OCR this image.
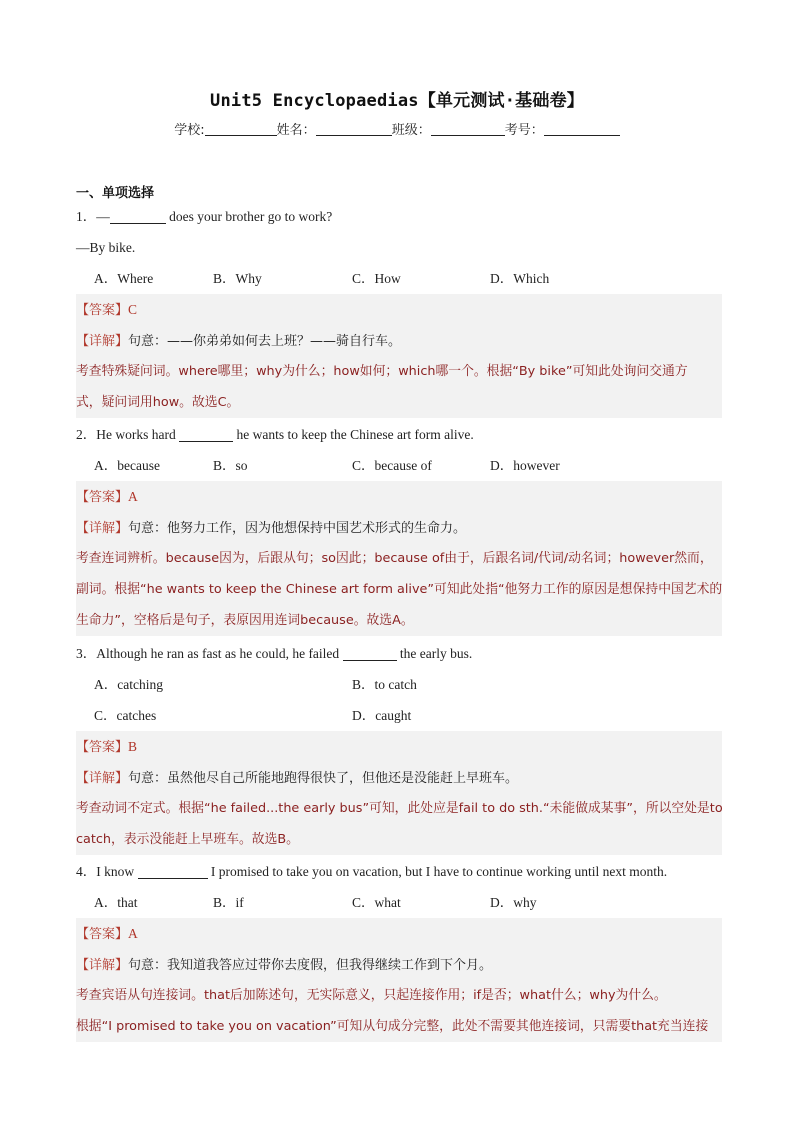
Unit5 Encyclopaedias【单元测试·基础卷】
学校:	姓名：	班级：	考号：
一、单项选择
1．—	does your brother go to work?
—By bike.
A．Where	B．Why	C．How	D．Which
【答案】C
【详解】句意：——你弟弟如何去上班？——骑自行车。
考查特殊疑问词。where哪里；why为什么；how如何；which哪一个。根据“By bike”可知此处询问交通方
式，疑问词用how。故选C。
2．He works hard	he wants to keep the Chinese art form alive.
A．because	B．so	C．because of	D．however
【答案】A
【详解】句意：他努力工作，因为他想保持中国艺术形式的生命力。
考查连词辨析。because因为，后跟从句；so因此；because of由于，后跟名词/代词/动名词；however然而，
副词。根据“he wants to keep the Chinese art form alive”可知此处指“他努力工作的原因是想保持中国艺术的
生命力”，空格后是句子，表原因用连词because。故选A。
3．Although he ran as fast as he could, he failed	the early bus.
A．catching	B．to catch
C．catches	D．caught
【答案】B
【详解】句意：虽然他尽自己所能地跑得很快了，但他还是没能赶上早班车。
考查动词不定式。根据“he failed...the early bus”可知，此处应是fail to do sth.“未能做成某事”，所以空处是to
catch，表示没能赶上早班车。故选B。
4．I know	I promised to take you on vacation, but I have to continue working until next month.
A．that	B．if	C．what	D．why
【答案】A
【详解】句意：我知道我答应过带你去度假，但我得继续工作到下个月。
考查宾语从句连接词。that后加陈述句，无实际意义，只起连接作用；if是否；what什么；why为什么。
根据“I promised to take you on vacation”可知从句成分完整，此处不需要其他连接词，只需要that充当连接
